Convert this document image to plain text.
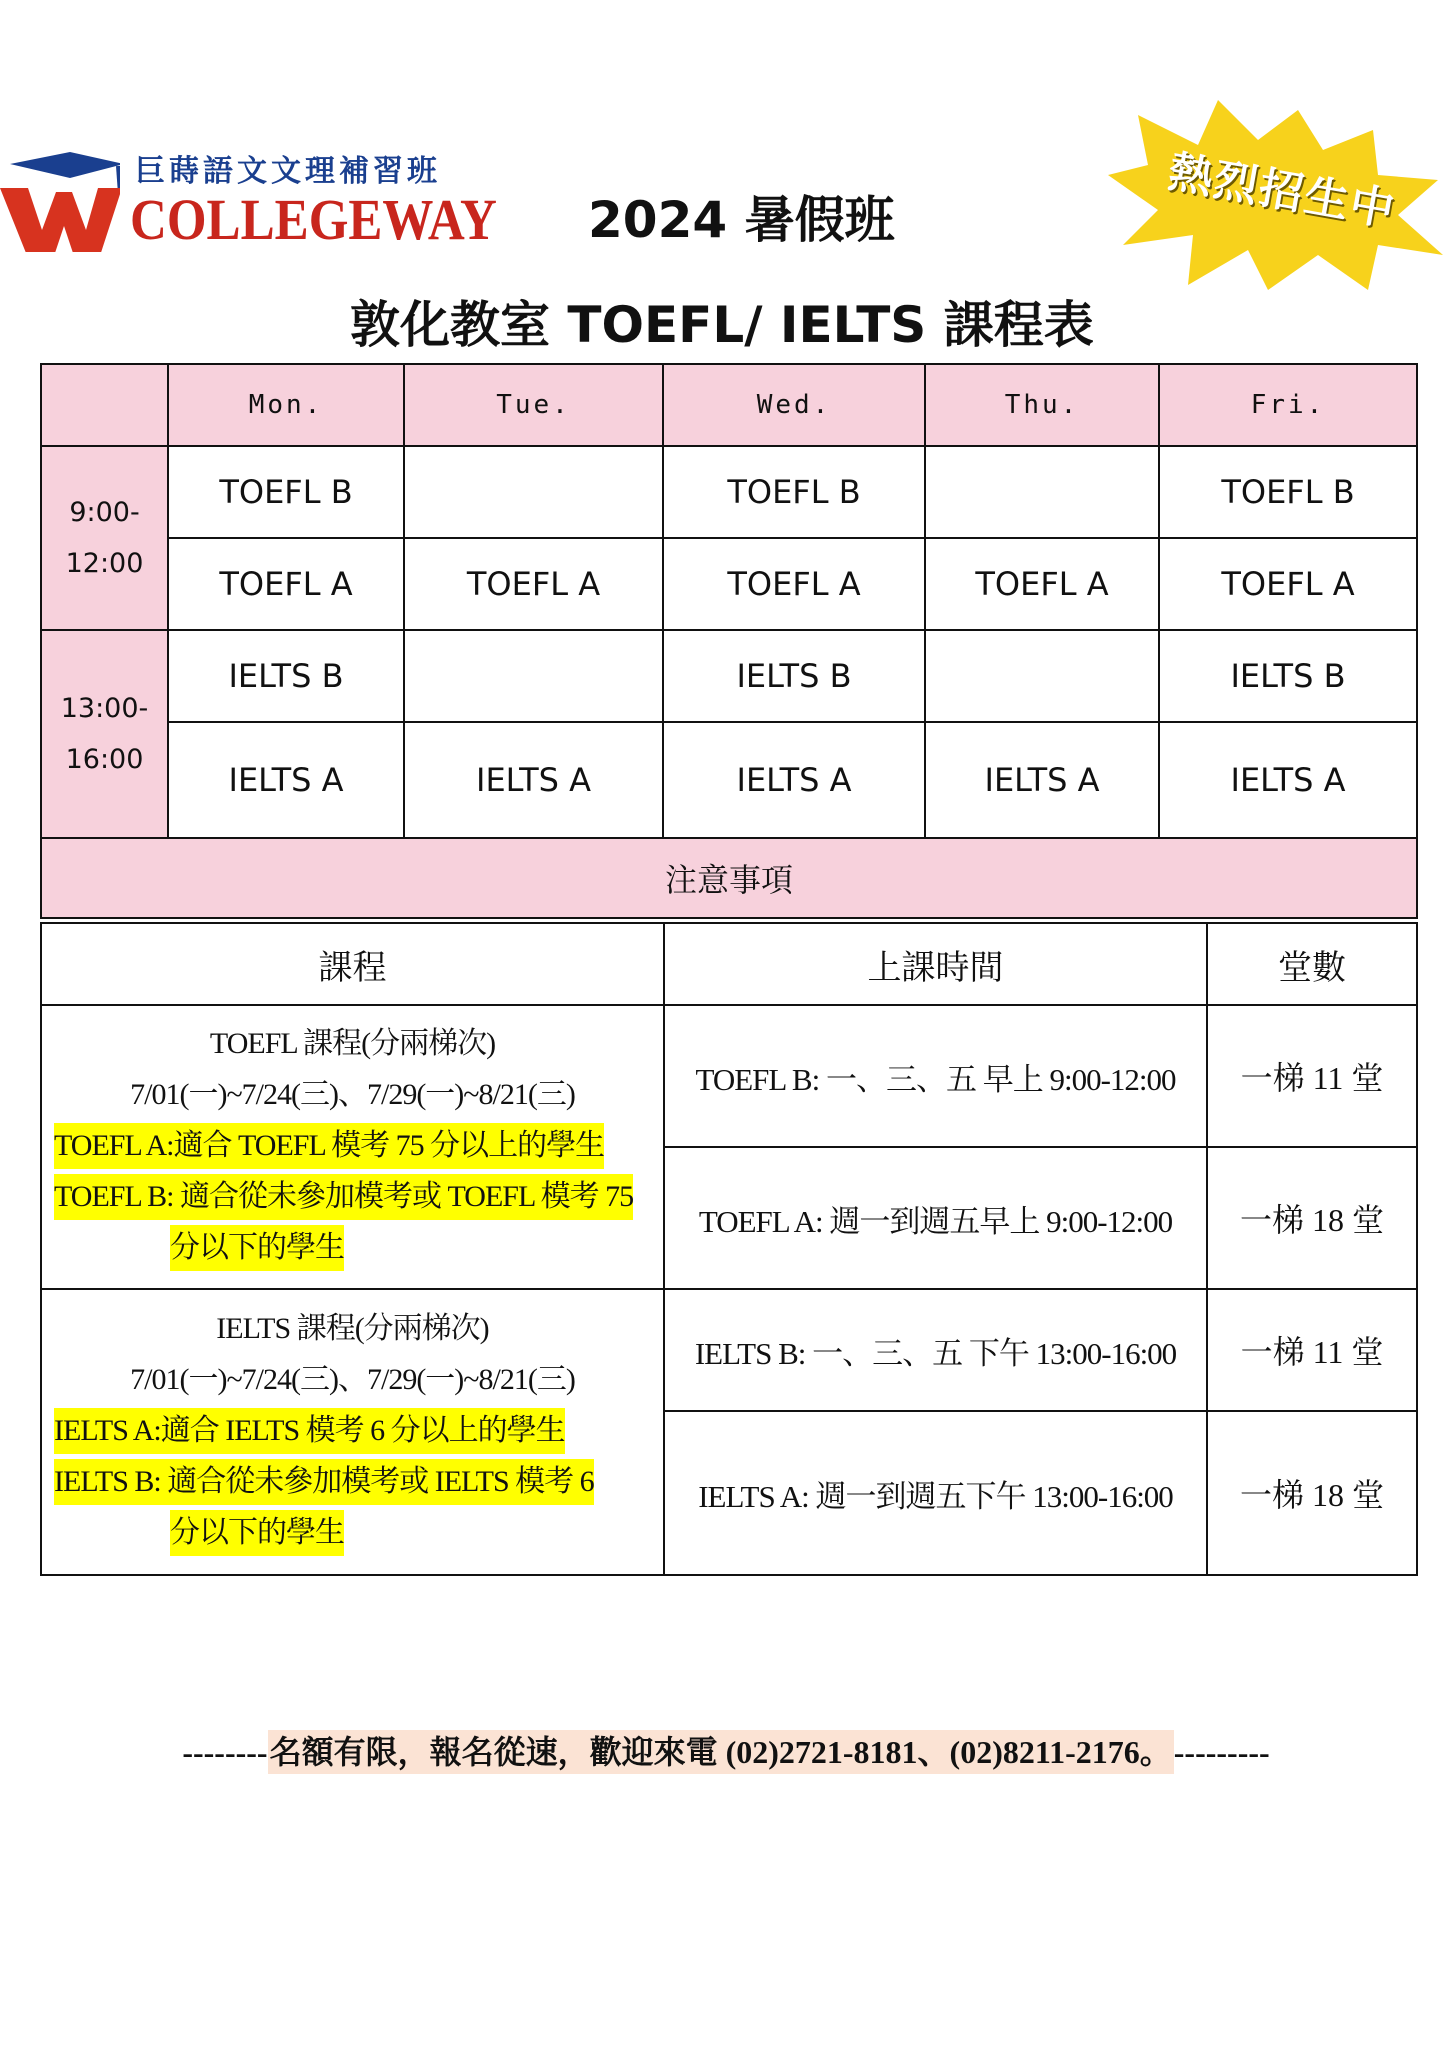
巨蒔語文文理補習班
COLLEGEWAY 2024 暑假班	熱烈招生中
敦化教室 TOEFL/ IELTS 課程表
	Mon.	Tue.	Wed.	Thu.	Fri.

9:00-
12:00	TOEFL B		TOEFL B		TOEFL B
	TOEFL A	TOEFL A	TOEFL A	TOEFL A	TOEFL A

13:00-
16:00	IELTS B		IELTS B		IELTS B
	IELTS A	IELTS A	IELTS A	IELTS A	IELTS A
注意事項					
課程	上課時間	堂數

TOEFL 課程(分兩梯次)
7/01(一)~7/24(三)、7/29(一)~8/21(三)
TOEFL A:適合 TOEFL 模考 75 分以上的學生
TOEFL B: 適合從未參加模考或 TOEFL 模考 75
分以下的學生	TOEFL B: 一、三、五 早上 9:00-12:00	一梯 11 堂
	TOEFL A: 週一到週五早上 9:00-12:00	一梯 18 堂

IELTS 課程(分兩梯次)
7/01(一)~7/24(三)、7/29(一)~8/21(三)
IELTS A:適合 IELTS 模考 6 分以上的學生
IELTS B: 適合從未參加模考或 IELTS 模考 6
分以下的學生	IELTS B: 一、三、五 下午 13:00-16:00	一梯 11 堂
	IELTS A: 週一到週五下午 13:00-16:00	一梯 18 堂
--------名額有限，報名從速，歡迎來電 (02)2721-8181、(02)8211-2176。---------
